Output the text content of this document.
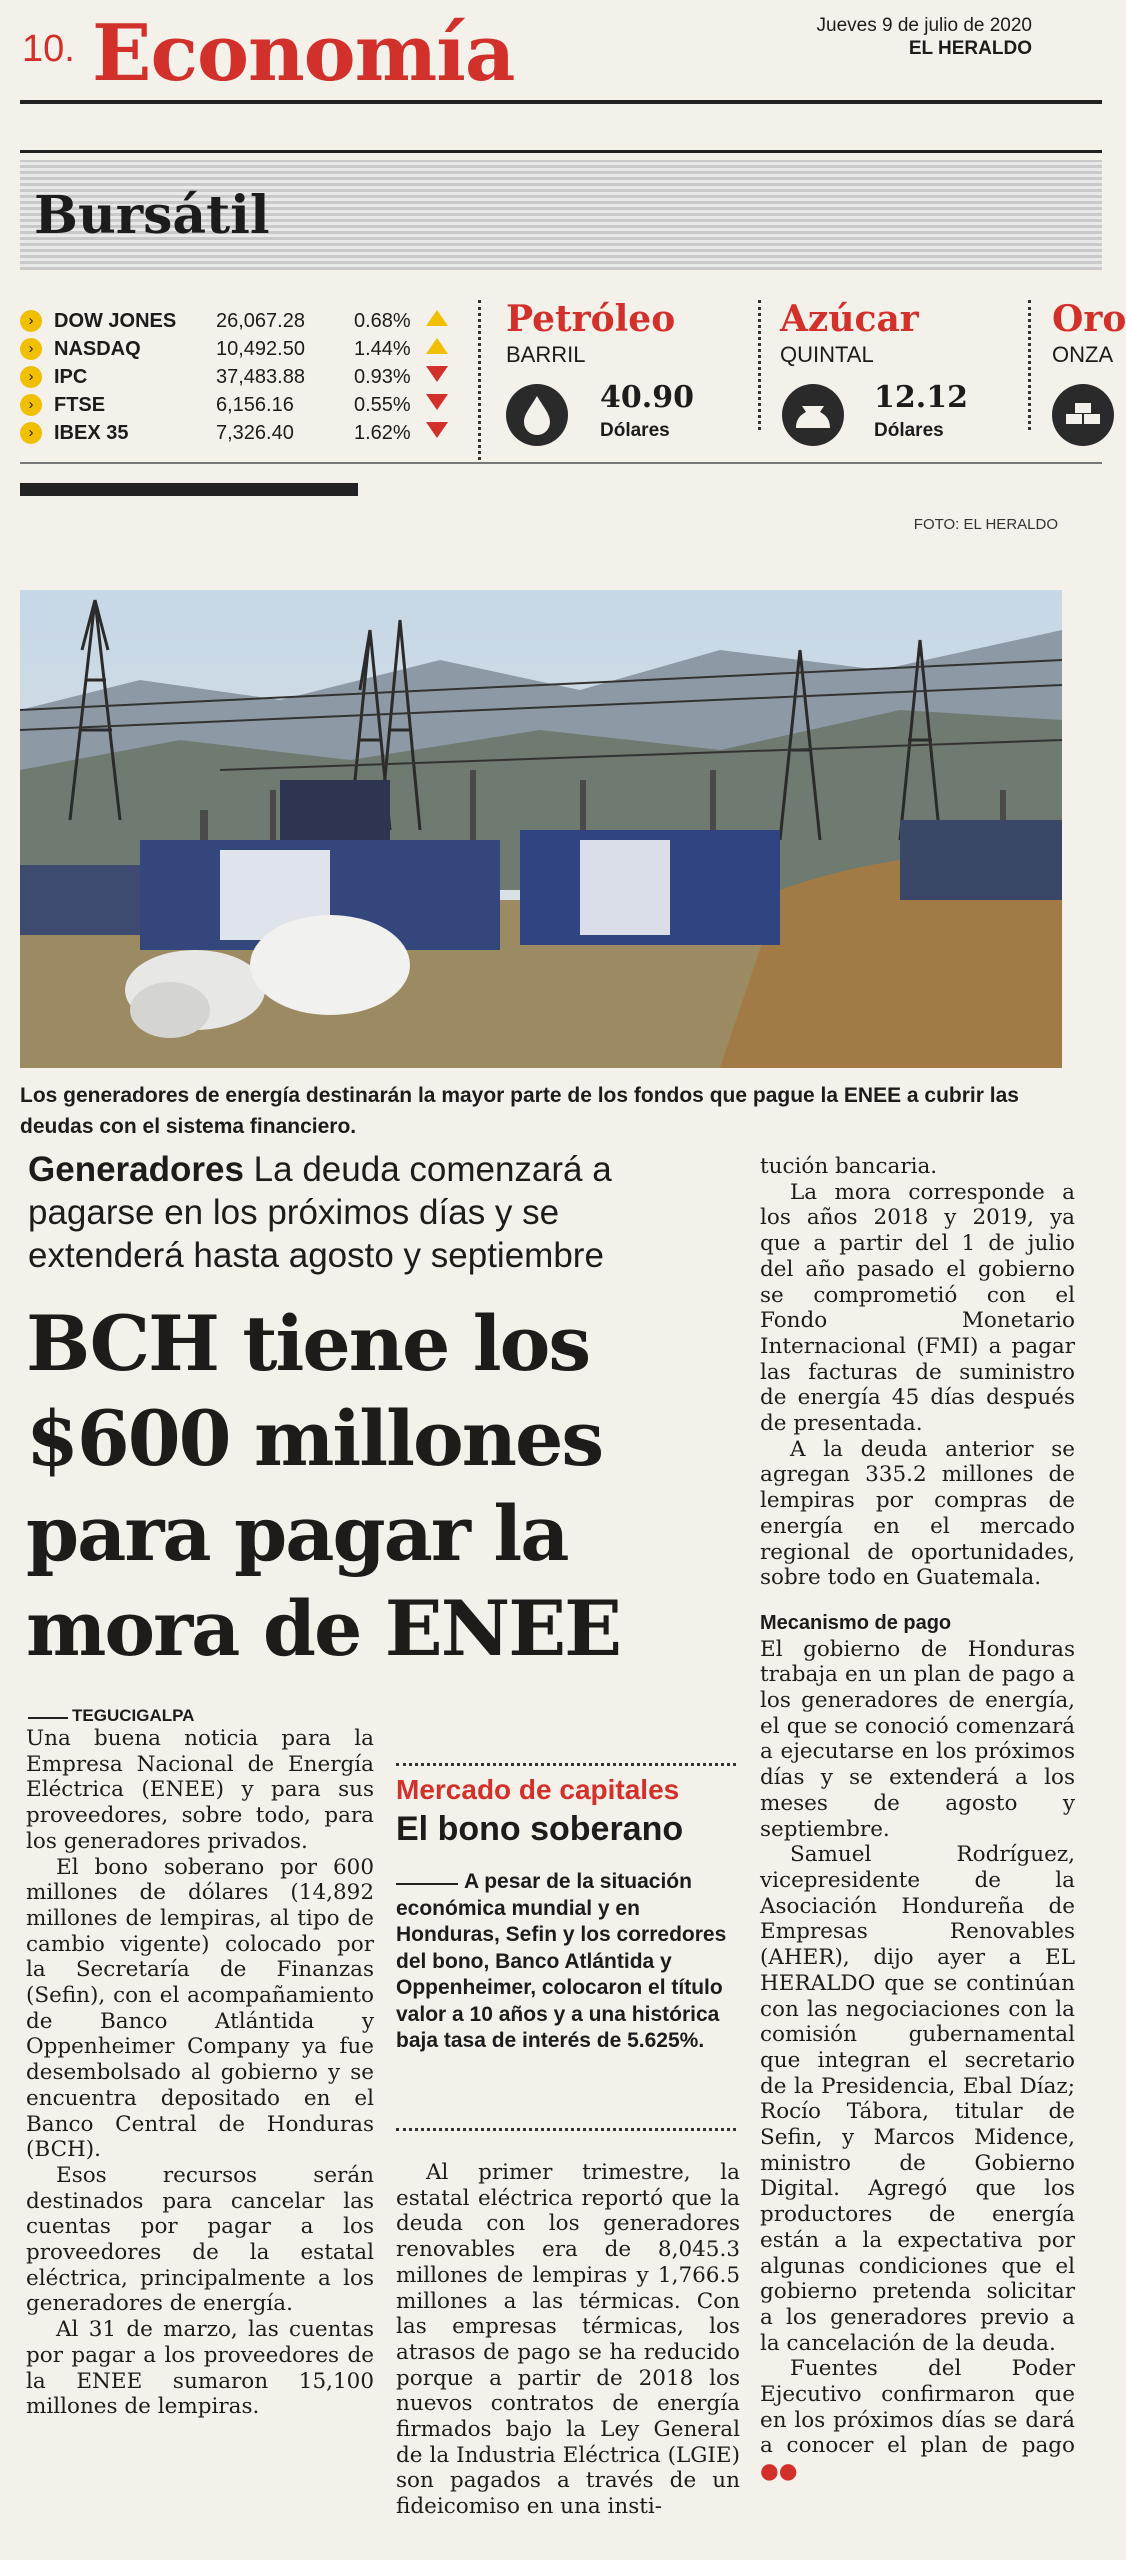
10. Economía	Jueves 9 de julio de 2020
EL HERALDO
Bursátil
›	DOW JONES 26,067.28 0.68%
›	NASDAQ	10,492.50 1.44%
›	IPC	37,483.88 0.93%
›	FTSE	6,156.16	0.55%
›	IBEX 35	7,326.40	1.62%
Petróleo
BARRIL
40.90
Dólares
Azúcar
QUINTAL
12.12
Dólares
Oro
ONZA
FOTO: EL HERALDO
Los generadores de energía destinarán la mayor parte de los fondos que pague la ENEE a cubrir las deudas con el sistema financiero.
Generadores La deuda comenzará a pagarse en los próximos días y se extenderá hasta agosto y septiembre
BCH tiene los $600 millones para pagar la mora de ENEE
TEGUCIGALPA

Una buena noticia para la Empresa Nacional de Energía Eléctrica (ENEE) y para sus proveedores, sobre todo, para los generadores privados.

El bono soberano por 600 millones de dólares (14,892 millones de lempiras, al tipo de cambio vigente) colocado por la Secretaría de Finanzas (Sefin), con el acompañamiento de Banco Atlántida y Oppenheimer Company ya fue desembolsado al gobierno y se encuentra depositado en el Banco Central de Honduras (BCH).

Esos recursos serán destinados para cancelar las cuentas por pagar a los proveedores de la estatal eléctrica, principalmente a los generadores de energía.

Al 31 de marzo, las cuentas por pagar a los proveedores de la ENEE sumaron 15,100 millones de lempiras.

Mercado de capitales
El bono soberano
A pesar de la situación económica mundial y en Honduras, Sefin y los corredores del bono, Banco Atlántida y Oppenheimer, colocaron el título valor a 10 años y a una histórica baja tasa de interés de 5.625%.

Al primer trimestre, la estatal eléctrica reportó que la deuda con los generadores renovables era de 8,045.3 millones de lempiras y 1,766.5 millones a las térmicas. Con las empresas térmicas, los atrasos de pago se ha reducido porque a partir de 2018 los nuevos contratos de energía firmados bajo la Ley General de la Industria Eléctrica (LGIE) son pagados a través de un fideicomiso en una insti-

tución bancaria.

La mora corresponde a los años 2018 y 2019, ya que a partir del 1 de julio del año pasado el gobierno se comprometió con el Fondo Monetario Internacional (FMI) a pagar las facturas de suministro de energía 45 días después de presentada.

A la deuda anterior se agregan 335.2 millones de lempiras por compras de energía en el mercado regional de oportunidades, sobre todo en Guatemala.

Mecanismo de pago

El gobierno de Honduras trabaja en un plan de pago a los generadores de energía, el que se conoció comenzará a ejecutarse en los próximos días y se extenderá a los meses de agosto y septiembre.

Samuel Rodríguez, vicepresidente de la Asociación Hondureña de Empresas Renovables (AHER), dijo ayer a EL HERALDO que se continúan con las negociaciones con la comisión gubernamental que integran el secretario de la Presidencia, Ebal Díaz; Rocío Tábora, titular de Sefin, y Marcos Midence, ministro de Gobierno Digital. Agregó que los productores de energía están a la expectativa por algunas condiciones que el gobierno pretenda solicitar a los generadores previo a la cancelación de la deuda.

Fuentes del Poder Ejecutivo confirmaron que en los próximos días se dará a conocer el plan de pago ●●
